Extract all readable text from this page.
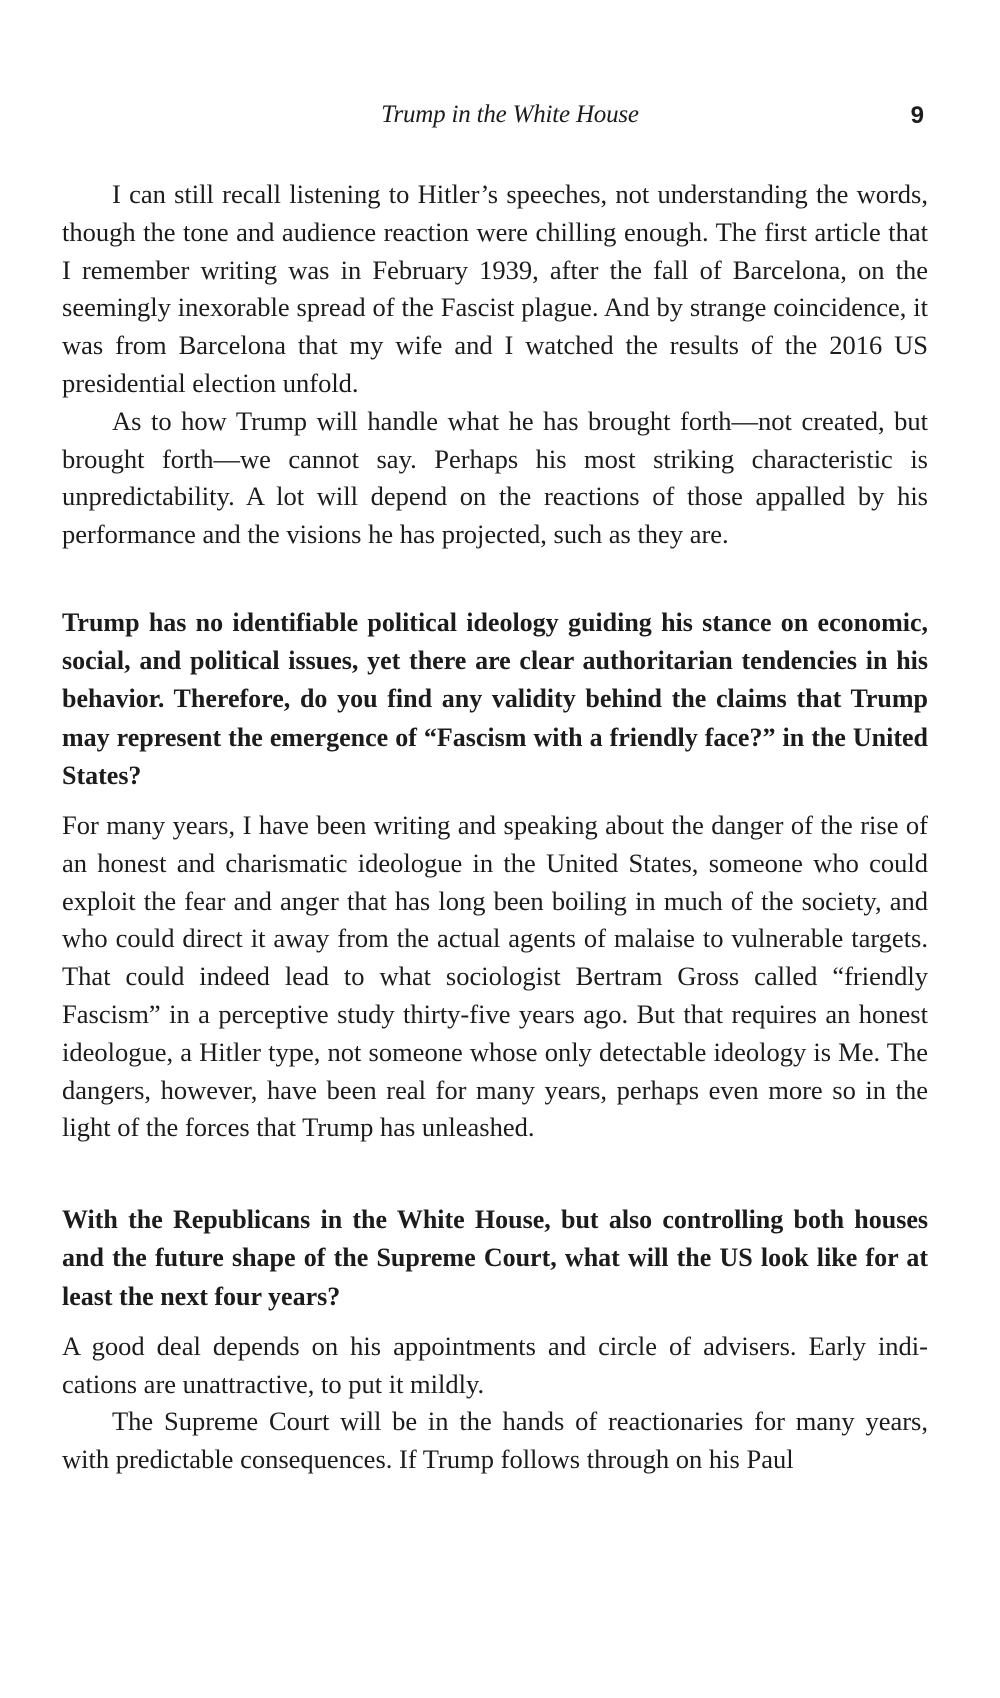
Trump in the White House	9

I can still recall listening to Hitler’s speeches, not understanding the words, though the tone and audience reaction were chilling enough. The first article that I remember writing was in February 1939, after the fall of Barcelona, on the seemingly inexorable spread of the Fascist plague. And by strange coincidence, it was from Barcelona that my wife and I watched the results of the 2016 US presidential election unfold.

As to how Trump will handle what he has brought forth—not created, but brought forth—we cannot say. Perhaps his most striking characteristic is unpredictability. A lot will depend on the reactions of those appalled by his performance and the visions he has projected, such as they are.

Trump has no identifiable political ideology guiding his stance on economic, social, and political issues, yet there are clear authoritarian tendencies in his behavior. Therefore, do you find any validity behind the claims that Trump may represent the emergence of “Fascism with a friendly face?” in the United States?

For many years, I have been writing and speaking about the danger of the rise of an honest and charismatic ideologue in the United States, someone who could exploit the fear and anger that has long been boiling in much of the society, and who could direct it away from the actual agents of malaise to vulnerable targets. That could indeed lead to what sociologist Bertram Gross called “friendly Fascism” in a perceptive study thirty-five years ago. But that requires an honest ideologue, a Hitler type, not someone whose only detectable ideology is Me. The dangers, however, have been real for many years, perhaps even more so in the light of the forces that Trump has unleashed.

With the Republicans in the White House, but also controlling both houses and the future shape of the Supreme Court, what will the US look like for at least the next four years?

A good deal depends on his appointments and circle of advisers. Early indications are unattractive, to put it mildly.

The Supreme Court will be in the hands of reactionaries for many years, with predictable consequences. If Trump follows through on his Paul
